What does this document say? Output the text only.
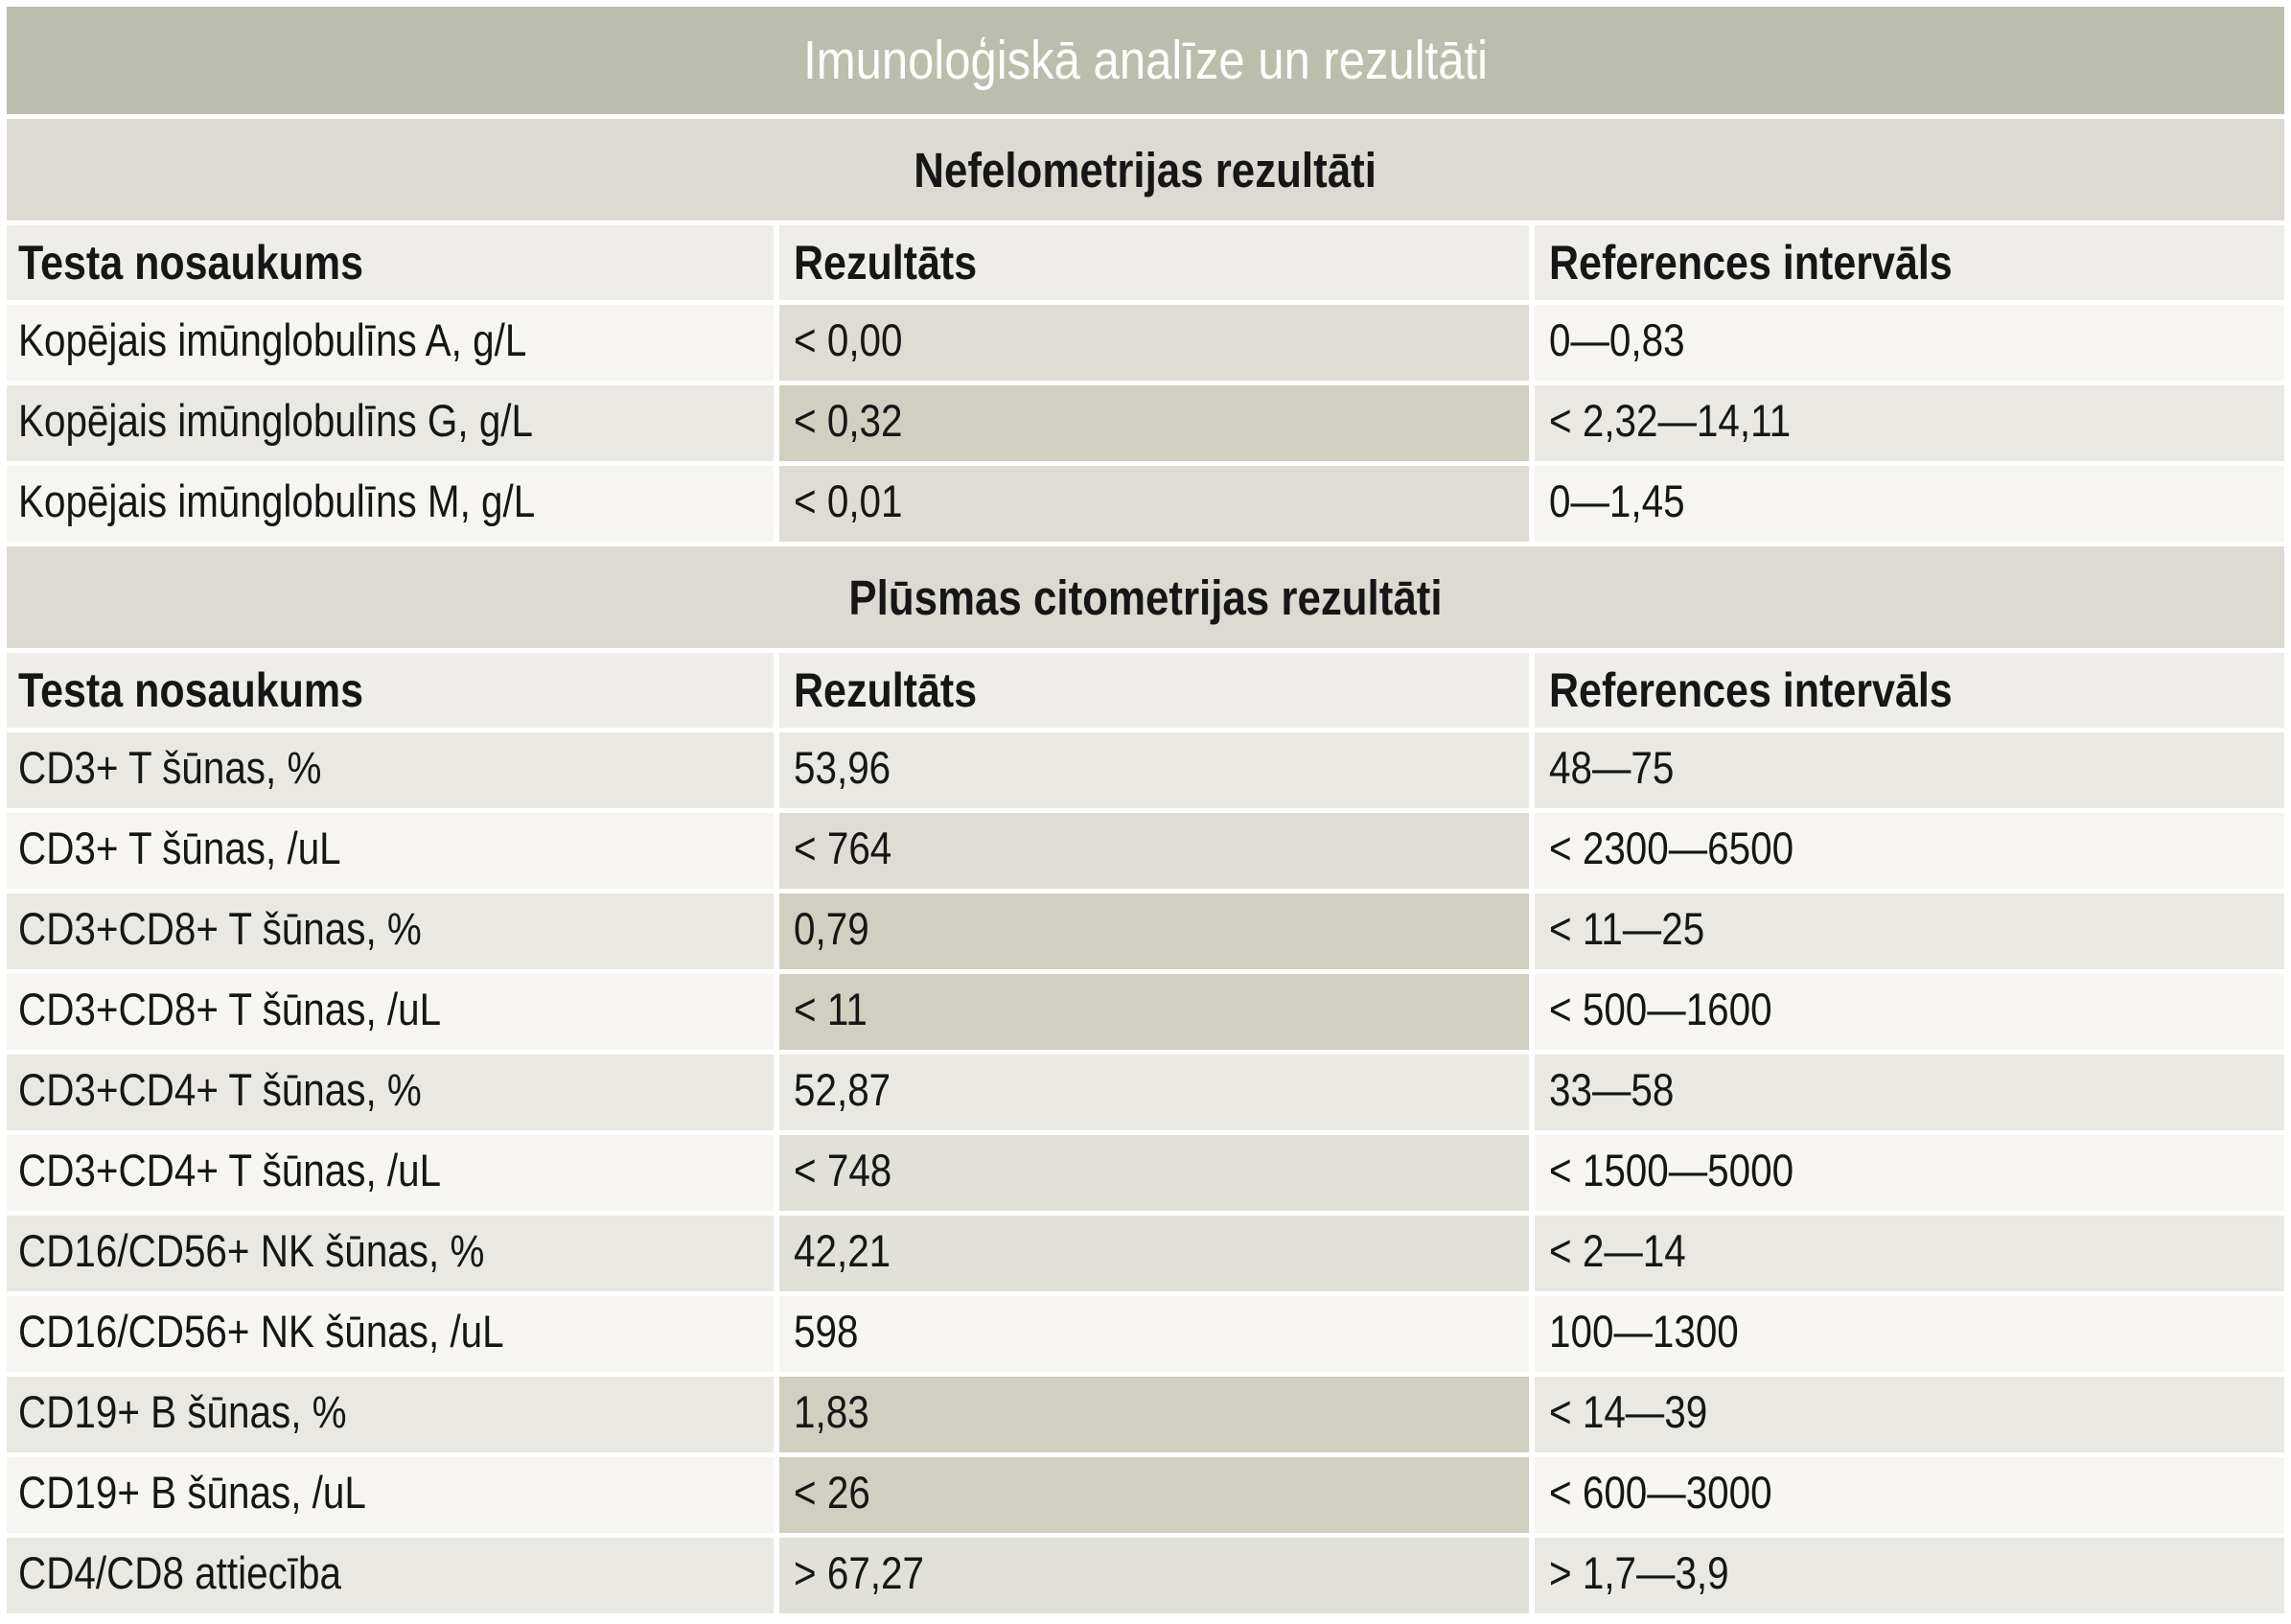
Imunoloģiskā analīze un rezultāti
Nefelometrijas rezultāti
Testa nosaukums	Rezultāts	References intervāls
Kopējais imūnglobulīns A, g/L	< 0,00	0—0,83
Kopējais imūnglobulīns G, g/L	< 0,32	< 2,32—14,11
Kopējais imūnglobulīns M, g/L	< 0,01	0—1,45
Plūsmas citometrijas rezultāti
Testa nosaukums	Rezultāts	References intervāls
CD3+ T šūnas, %	53,96	48—75
CD3+ T šūnas, /uL	< 764	< 2300—6500
CD3+CD8+ T šūnas, %	0,79	< 11—25
CD3+CD8+ T šūnas, /uL	< 11	< 500—1600
CD3+CD4+ T šūnas, %	52,87	33—58
CD3+CD4+ T šūnas, /uL	< 748	< 1500—5000
CD16/CD56+ NK šūnas, %	42,21	< 2—14
CD16/CD56+ NK šūnas, /uL	598	100—1300
CD19+ B šūnas, %	1,83	< 14—39
CD19+ B šūnas, /uL	< 26	< 600—3000
CD4/CD8 attiecība	> 67,27	> 1,7—3,9
